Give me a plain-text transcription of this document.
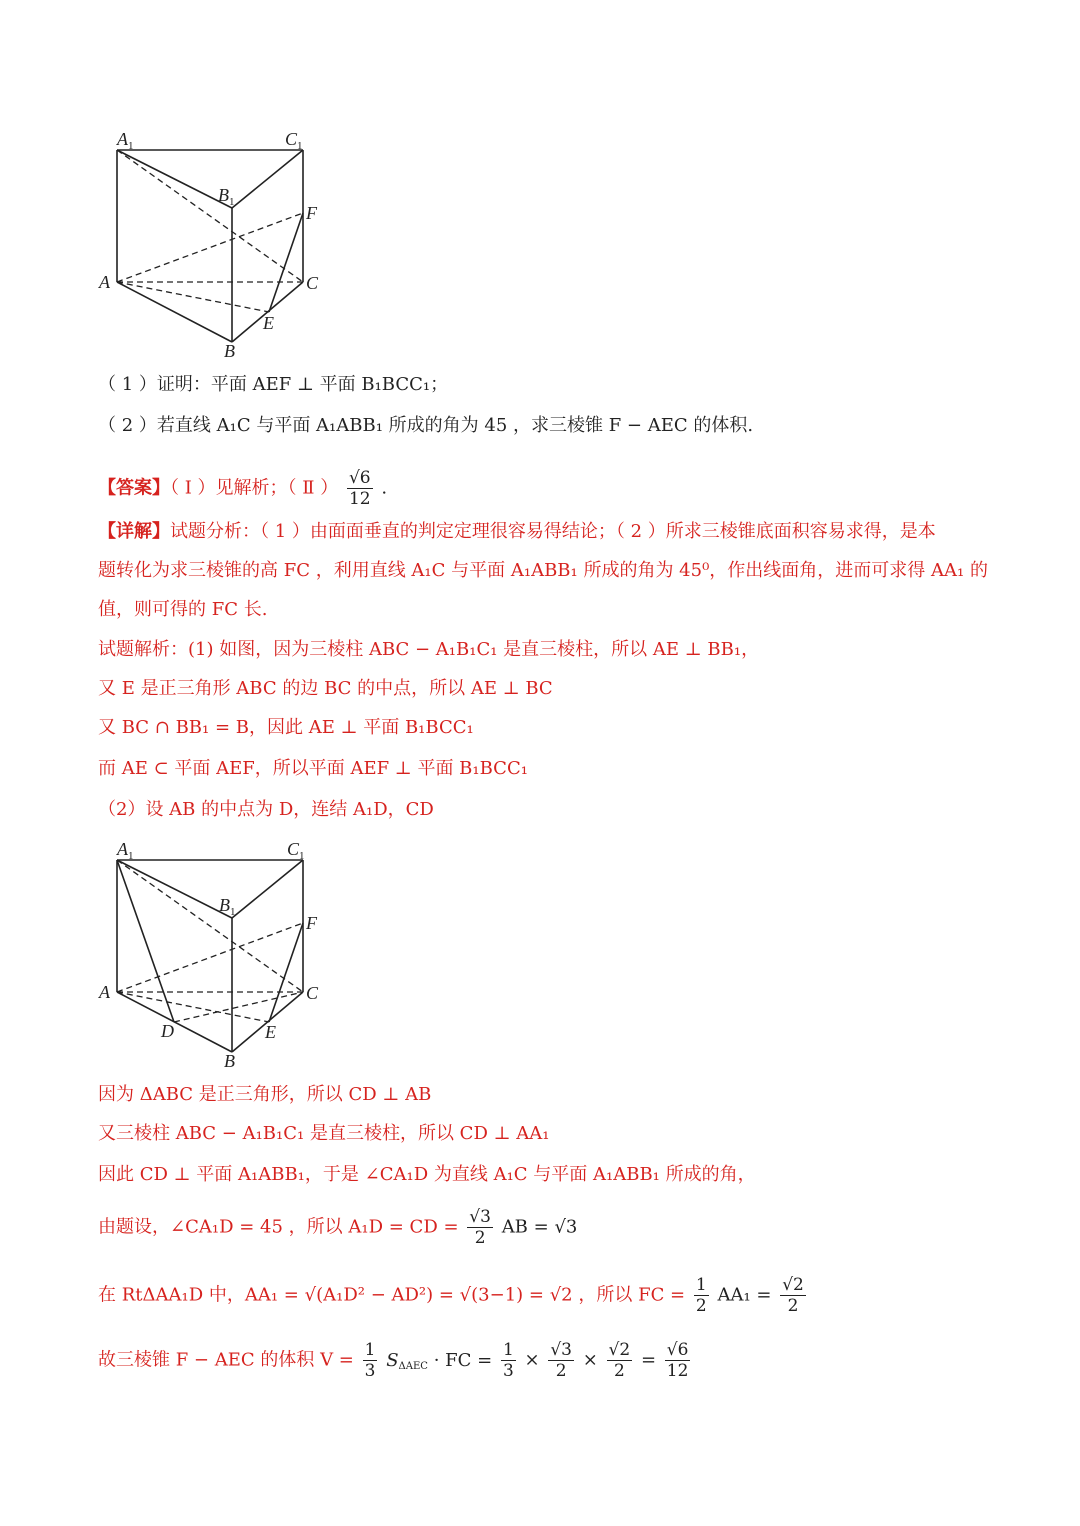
$A_1$	$C_1$
$B_1$
F
A	C
E
B
（ 1 ）证明：平面 AEF ⊥ 平面 B₁BCC₁；
（ 2 ）若直线 A₁C 与平面 A₁ABB₁ 所成的角为 45 ，求三棱锥 F − AEC 的体积.
【答案】（ Ⅰ ）见解析；（ Ⅱ ） $\frac{√6}{12}$ .
【详解】试题分析：（ 1 ）由面面垂直的判定定理很容易得结论；（ 2 ）所求三棱锥底面积容易求得，是本
题转化为求三棱锥的高 FC ，利用直线 A₁C 与平面 A₁ABB₁ 所成的角为 45⁰，作出线面角，进而可求得 AA₁ 的
值，则可得的 FC 长.
试题解析：(1) 如图，因为三棱柱 ABC − A₁B₁C₁ 是直三棱柱，所以 AE ⊥ BB₁，
又 E 是正三角形 ABC 的边 BC 的中点，所以 AE ⊥ BC
又 BC ∩ BB₁ = B，因此 AE ⊥ 平面 B₁BCC₁
而 AE ⊂ 平面 AEF，所以平面 AEF ⊥ 平面 B₁BCC₁
（2）设 AB 的中点为 D，连结 A₁D，CD
$A_1$	$C_1$
$B_1$
F
A	C
D	E
B
因为 ΔABC 是正三角形，所以 CD ⊥ AB
又三棱柱 ABC − A₁B₁C₁ 是直三棱柱，所以 CD ⊥ AA₁
因此 CD ⊥ 平面 A₁ABB₁，于是 ∠CA₁D 为直线 A₁C 与平面 A₁ABB₁ 所成的角，
由题设，∠CA₁D = 45 ，所以 A₁D = CD = $\frac{√3}{2}$ AB = √3
在 RtΔAA₁D 中，AA₁ = √(A₁D² − AD²) = √(3−1) = √2 ，所以 FC = $\frac{1}{2} AA_1 = \frac{√2}{2}$
故三棱锥 F − AEC 的体积 $V = \frac{1}{3} S_{\Delta AEC}$ · FC = $\frac{1}{3} \times \frac{√3}{2} \times \frac{√2}{2} = \frac{√6}{12}$
